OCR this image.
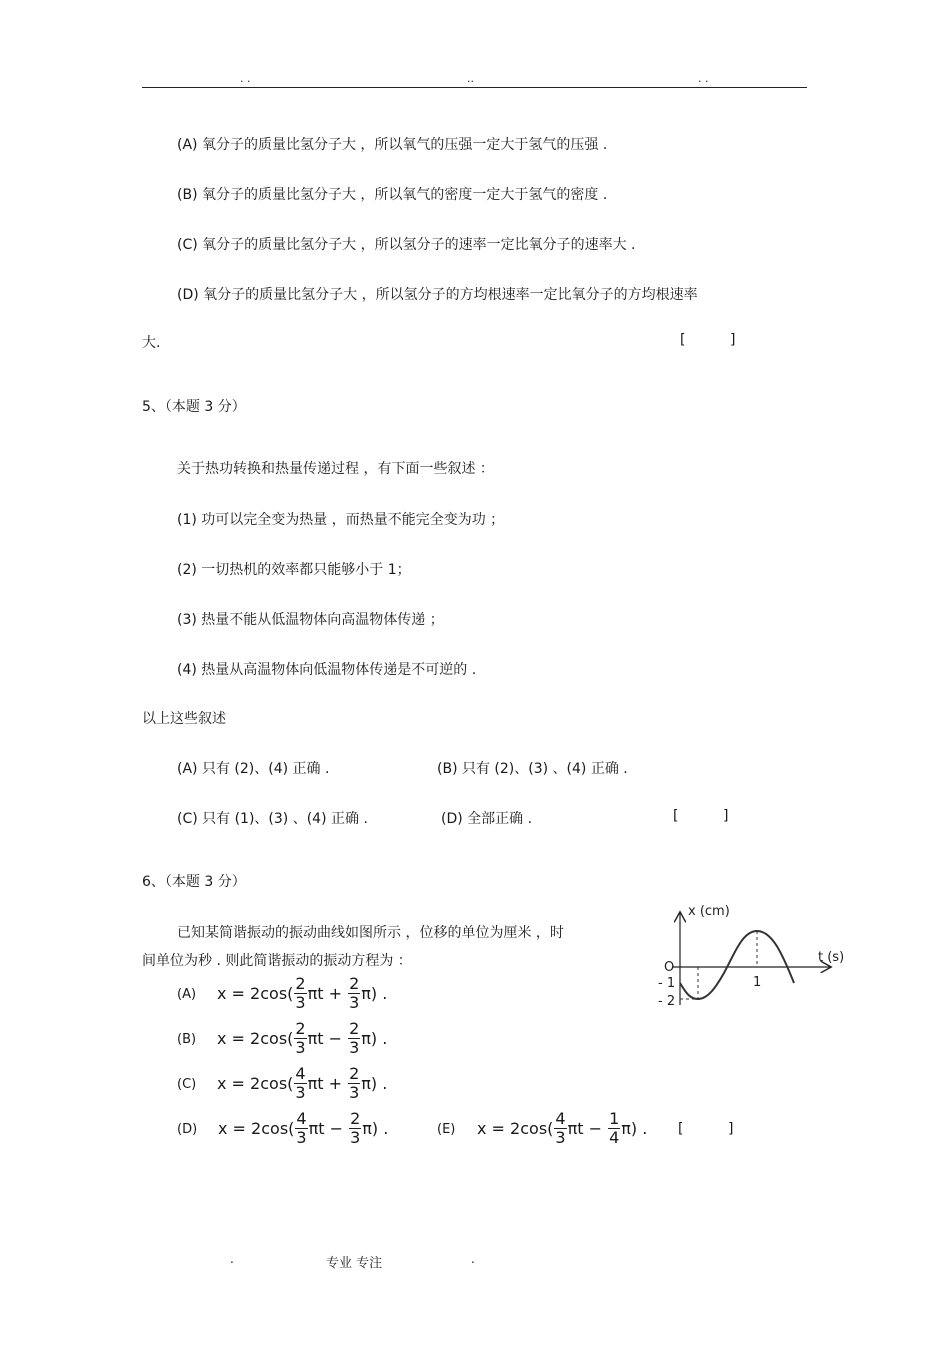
. .	..	. .
(A) 氧分子的质量比氢分子大 ，所以氧气的压强一定大于氢气的压强 .
(B) 氧分子的质量比氢分子大 ，所以氧气的密度一定大于氢气的密度 .
(C) 氧分子的质量比氢分子大 ，所以氢分子的速率一定比氧分子的速率大 .
(D) 氧分子的质量比氢分子大 ，所以氢分子的方均根速率一定比氧分子的方均根速率
大.	[          ]
5、（本题 3 分）
关于热功转换和热量传递过程 ，有下面一些叙述 ：
(1) 功可以完全变为热量 ，而热量不能完全变为功 ；
(2) 一切热机的效率都只能够小于 1；
(3) 热量不能从低温物体向高温物体传递 ；
(4) 热量从高温物体向低温物体传递是不可逆的 .
以上这些叙述
(A) 只有 (2)、(4) 正确 .	(B) 只有 (2)、(3) 、(4) 正确 .
(C) 只有 (1)、(3) 、(4) 正确 .	(D) 全部正确 .	[          ]
6、（本题 3 分）
已知某简谐振动的振动曲线如图所示 ，位移的单位为厘米 ，时
间单位为秒 . 则此简谐振动的振动方程为 ：
(A) $x = 2\cos( \frac{2}{3}$ $\pi t + \frac{2}{3} \pi$) .
(B) $x = 2\cos( \frac{2}{3}$ $\pi t - \frac{2}{3} \pi$) .
(C) $x = 2\cos( \frac{4}{3}$ $\pi t + \frac{2}{3} \pi$) .
(D) $x = 2\cos( \frac{4}{3}$ $\pi t - \frac{2}{3} \pi$) .	(E) $x = 2\cos( \frac{4}{3}$ $\pi t - \frac{1}{4} \pi$) . [          ]
x (cm)
t (s)
O
- 1
- 2
1
.	专业 专注	.
